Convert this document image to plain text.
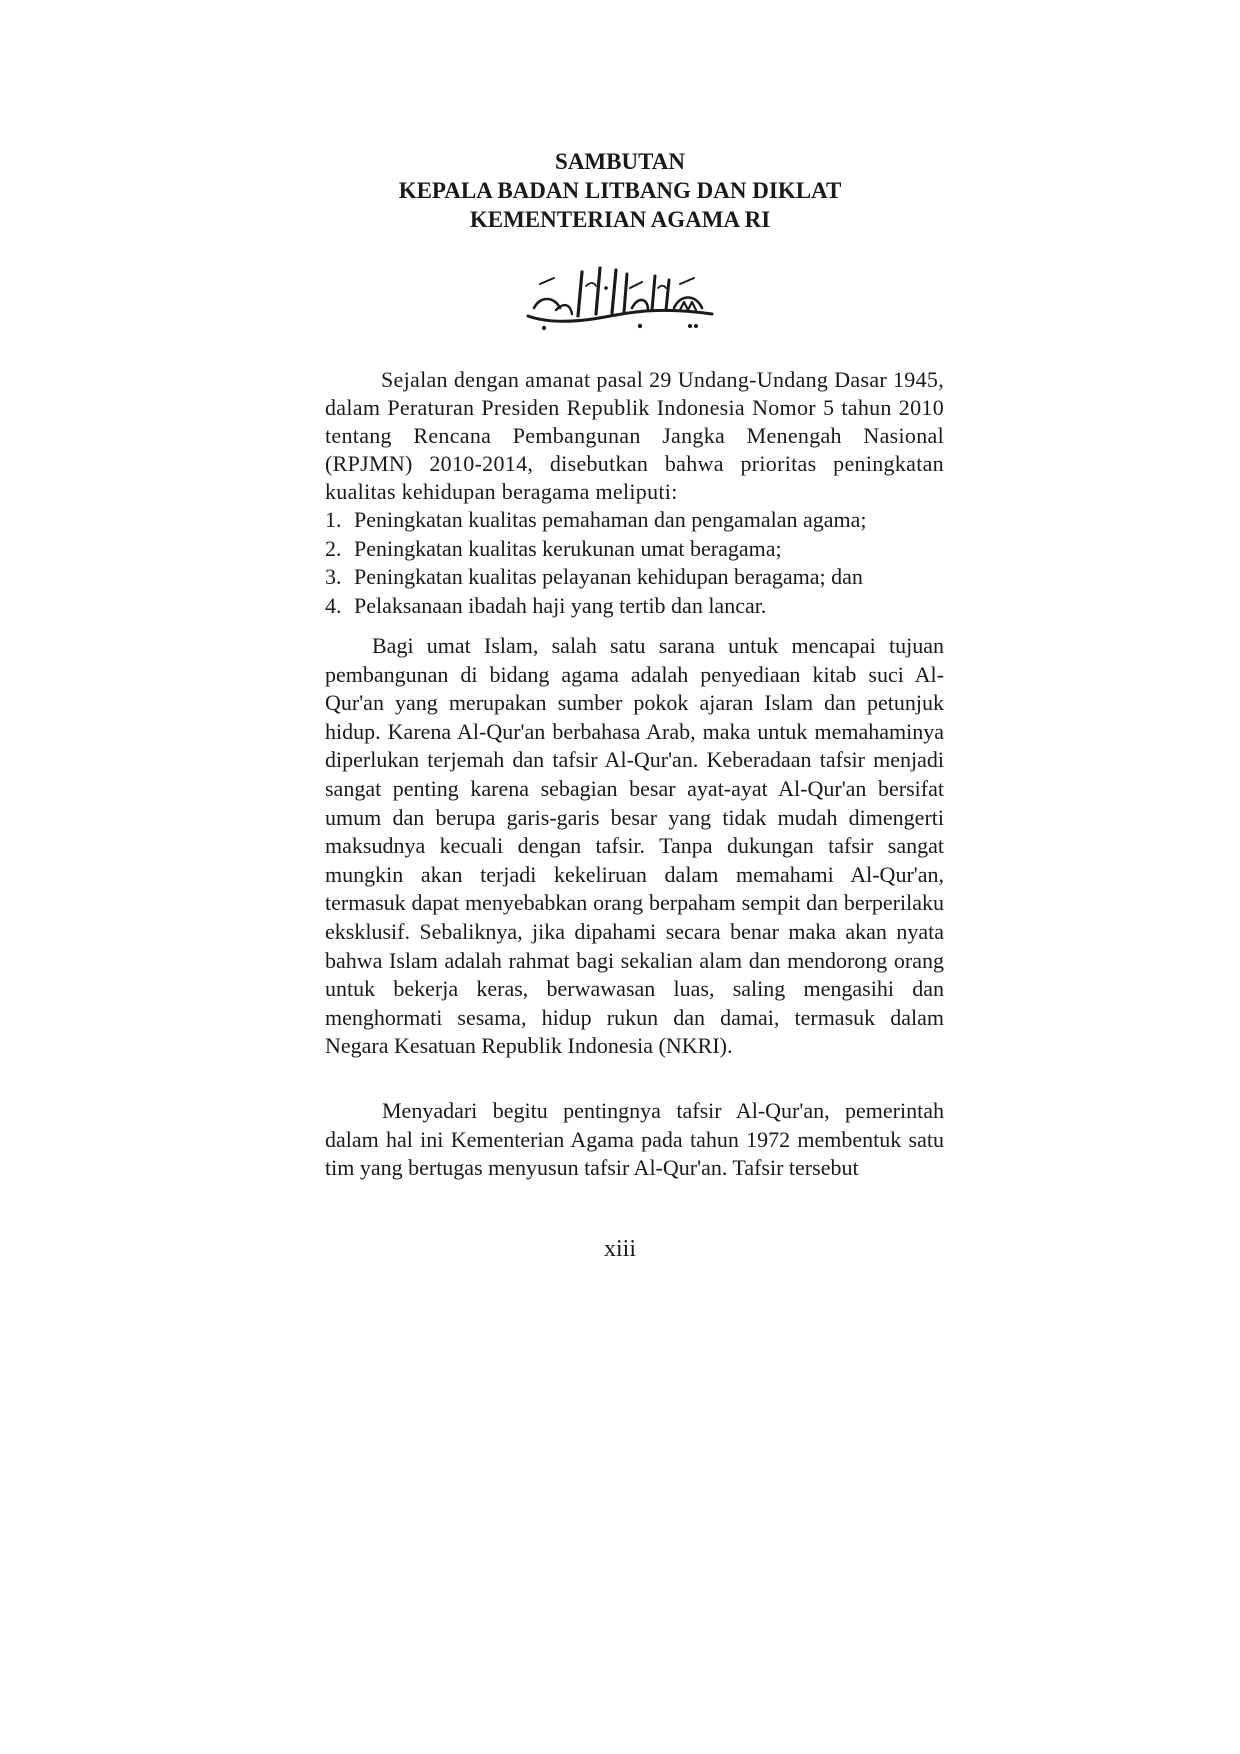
SAMBUTAN
KEPALA BADAN LITBANG DAN DIKLAT
KEMENTERIAN AGAMA RI
Sejalan dengan amanat pasal 29 Undang-Undang Dasar 1945, dalam Peraturan Presiden Republik Indonesia Nomor 5 tahun 2010 tentang Rencana Pembangunan Jangka Menengah Nasional (RPJMN) 2010-2014, disebutkan bahwa prioritas peningkatan kualitas kehidupan beragama meliputi:
1. Peningkatan kualitas pemahaman dan pengamalan agama;
2. Peningkatan kualitas kerukunan umat beragama;
3. Peningkatan kualitas pelayanan kehidupan beragama; dan
4. Pelaksanaan ibadah haji yang tertib dan lancar.
Bagi umat Islam, salah satu sarana untuk mencapai tujuan pembangunan di bidang agama adalah penyediaan kitab suci Al-Qur'an yang merupakan sumber pokok ajaran Islam dan petunjuk hidup. Karena Al-Qur'an berbahasa Arab, maka untuk memahaminya diperlukan terjemah dan tafsir Al-Qur'an. Keberadaan tafsir menjadi sangat penting karena sebagian besar ayat-ayat Al-Qur'an bersifat umum dan berupa garis-garis besar yang tidak mudah dimengerti maksudnya kecuali dengan tafsir. Tanpa dukungan tafsir sangat mungkin akan terjadi kekeliruan dalam memahami Al-Qur'an, termasuk dapat menyebabkan orang berpaham sempit dan berperilaku eksklusif. Sebaliknya, jika dipahami secara benar maka akan nyata bahwa Islam adalah rahmat bagi sekalian alam dan mendorong orang untuk bekerja keras, berwawasan luas, saling mengasihi dan menghormati sesama, hidup rukun dan damai, termasuk dalam Negara Kesatuan Republik Indonesia (NKRI).
Menyadari begitu pentingnya tafsir Al-Qur'an, pemerintah dalam hal ini Kementerian Agama pada tahun 1972 membentuk satu tim yang bertugas menyusun tafsir Al-Qur'an. Tafsir tersebut
xiii
